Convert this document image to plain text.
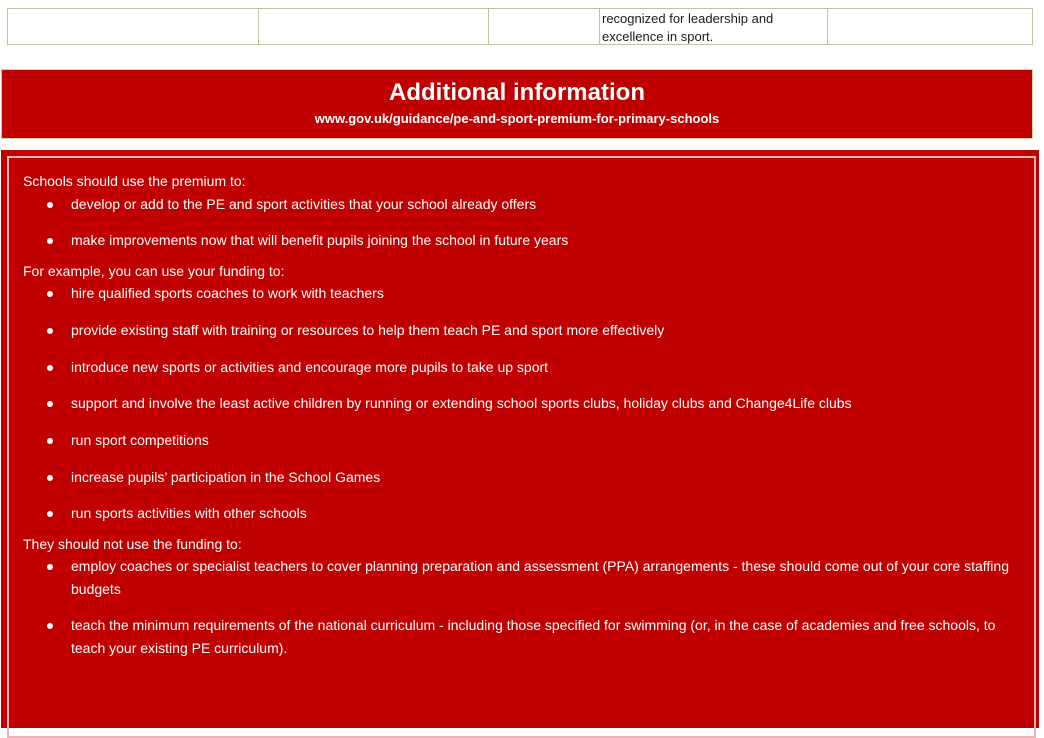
recognized for leadership and excellence in sport.
Additional information
www.gov.uk/guidance/pe-and-sport-premium-for-primary-schools

Schools should use the premium to:

develop or add to the PE and sport activities that your school already offers
make improvements now that will benefit pupils joining the school in future years

For example, you can use your funding to:

hire qualified sports coaches to work with teachers
provide existing staff with training or resources to help them teach PE and sport more effectively
introduce new sports or activities and encourage more pupils to take up sport
support and involve the least active children by running or extending school sports clubs, holiday clubs and Change4Life clubs
run sport competitions
increase pupils’ participation in the School Games
run sports activities with other schools

They should not use the funding to:

employ coaches or specialist teachers to cover planning preparation and assessment (PPA) arrangements - these should come out of your core staffing budgets
teach the minimum requirements of the national curriculum - including those specified for swimming (or, in the case of academies and free schools, to teach your existing PE curriculum).
